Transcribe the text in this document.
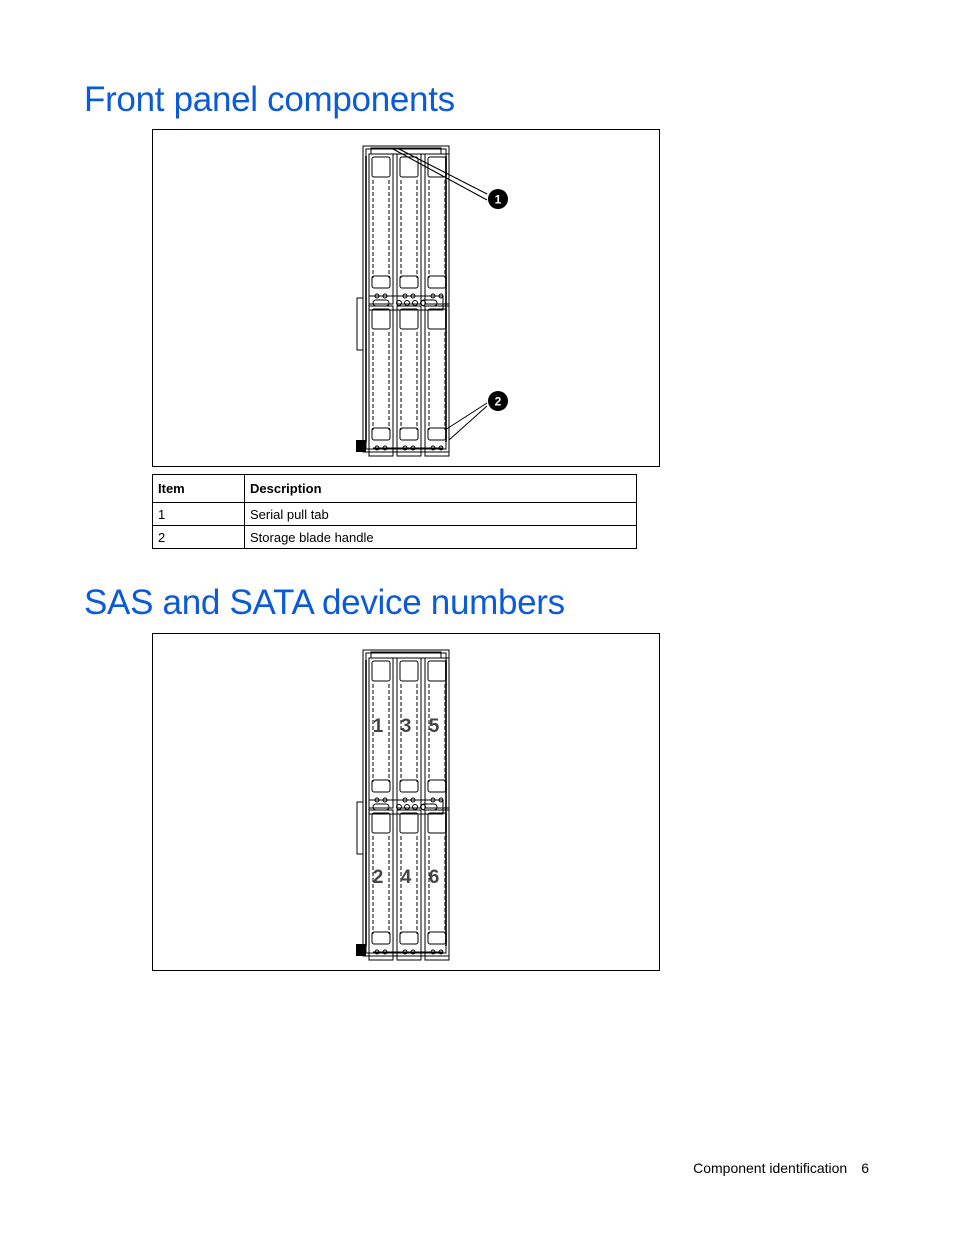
Front panel components
1
2
Item	Description
1	Serial pull tab
2	Storage blade handle
SAS and SATA device numbers
1 3 5
2 4 6
Component identification 6
